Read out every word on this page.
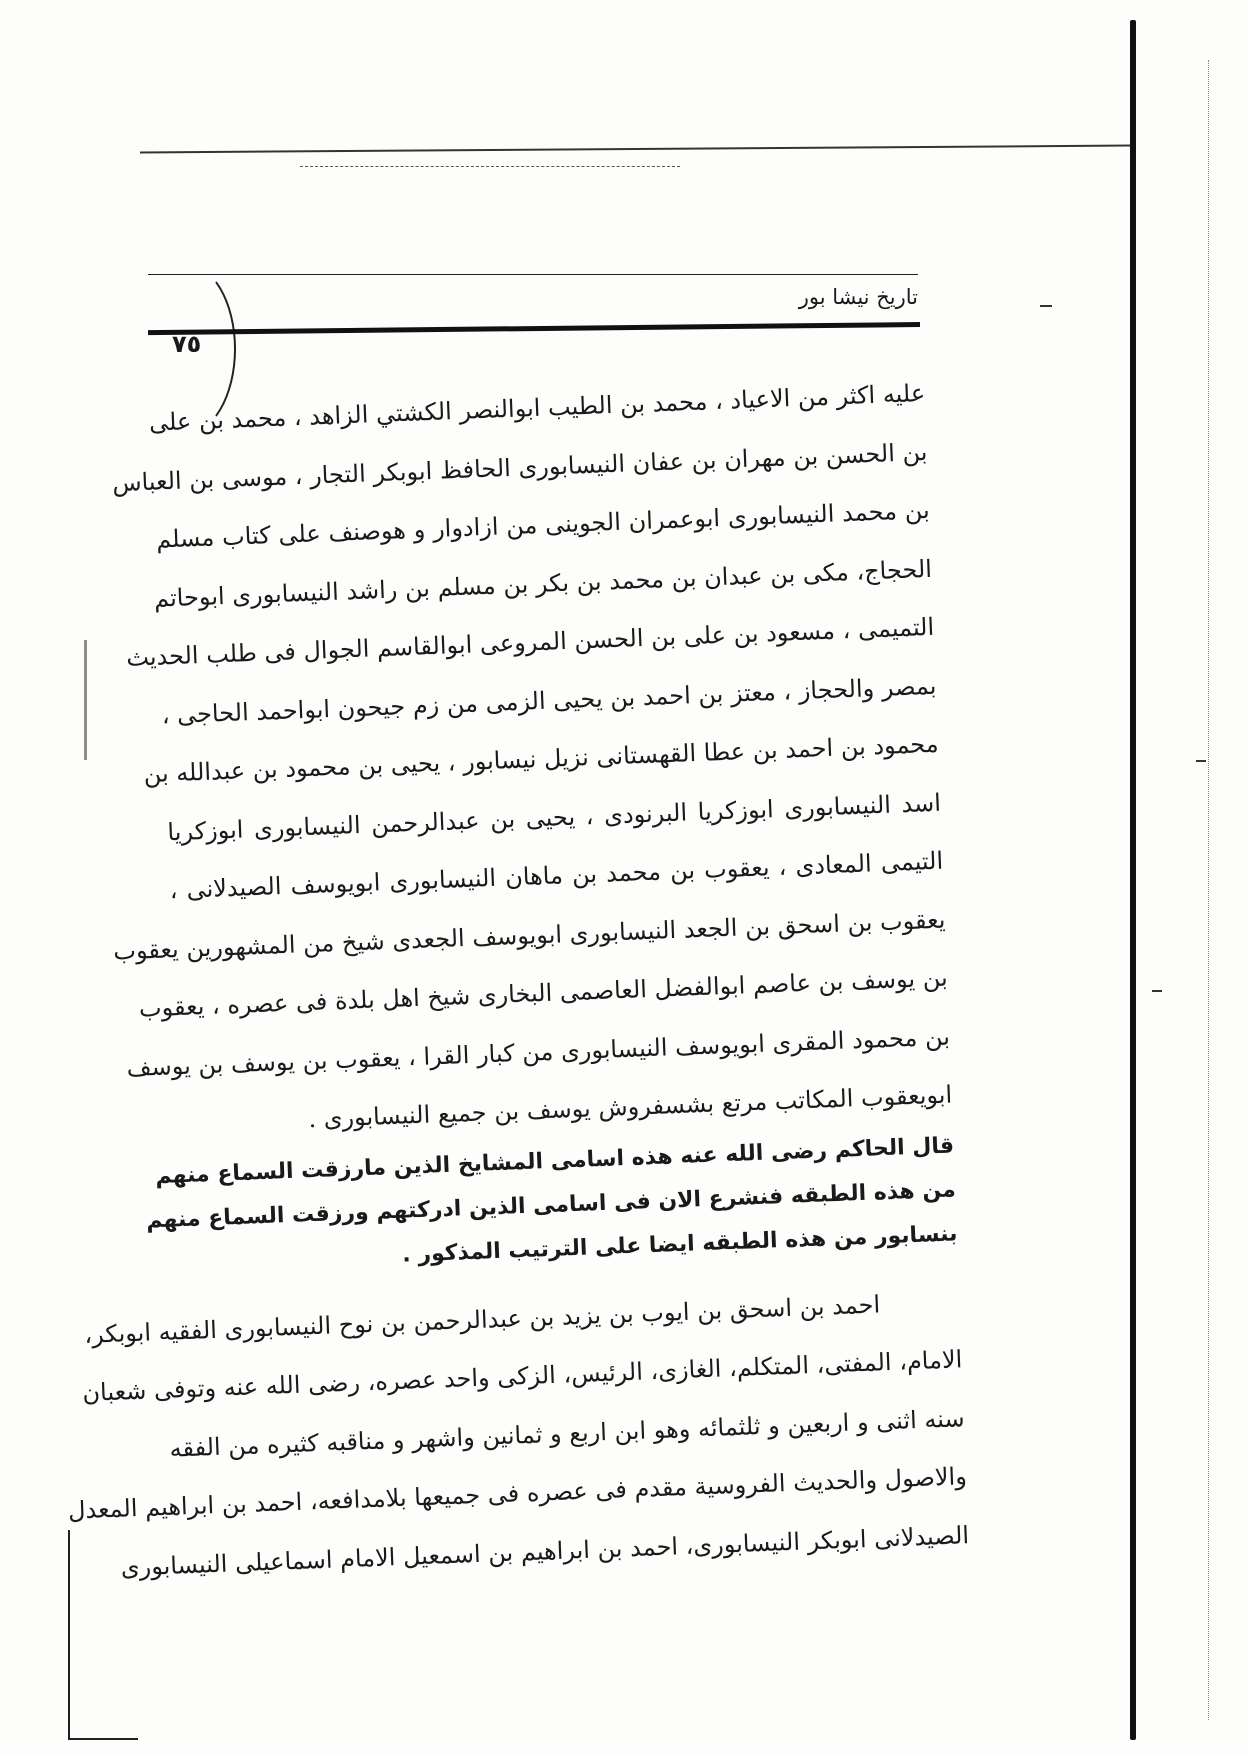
تاريخ نيشا بور
٧٥
عليه اكثر من الاعياد ، محمد بن الطيب ابوالنصر الكشتي الزاهد ، محمد بن على
بن الحسن بن مهران بن عفان النيسابورى الحافظ ابوبكر التجار ، موسى بن العباس
بن محمد النيسابورى ابوعمران الجوينى من ازادوار و هوصنف على كتاب مسلم
الحجاج، مكى بن عبدان بن محمد بن بكر بن مسلم بن راشد النيسابورى ابوحاتم
التميمى ، مسعود بن على بن الحسن المروعى ابوالقاسم الجوال فى طلب الحديث
بمصر والحجاز ، معتز بن احمد بن يحيى الزمى من زم جيحون ابواحمد الحاجى ،
محمود بن احمد بن عطا القهستانى نزيل نيسابور ، يحيى بن محمود بن عبدالله بن
اسد النيسابورى ابوزكريا البرنودى ، يحيى بن عبدالرحمن النيسابورى ابوزكريا
التيمى المعادى ، يعقوب بن محمد بن ماهان النيسابورى ابويوسف الصيدلانى ،
يعقوب بن اسحق بن الجعد النيسابورى ابويوسف الجعدى شيخ من المشهورين يعقوب
بن يوسف بن عاصم ابوالفضل العاصمى البخارى شيخ اهل بلدة فى عصره ، يعقوب
بن محمود المقرى ابويوسف النيسابورى من كبار القرا ، يعقوب بن يوسف بن يوسف
ابويعقوب المكاتب مرتع بشسفروش يوسف بن جميع النيسابورى .
قال الحاكم رضى الله عنه هذه اسامى المشايخ الذين مارزقت السماع منهم
من هذه الطبقه فنشرع الان فى اسامى الذين ادركتهم ورزقت السماع منهم
بنسابور من هذه الطبقه ايضا على الترتيب المذكور .
احمد بن اسحق بن ايوب بن يزيد بن عبدالرحمن بن نوح النيسابورى الفقيه ابوبكر،
الامام، المفتى، المتكلم، الغازى، الرئيس، الزكى واحد عصره، رضى الله عنه وتوفى شعبان
سنه اثنى و اربعين و ثلثمائه وهو ابن اربع و ثمانين واشهر و مناقبه كثيره من الفقه
والاصول والحديث الفروسية مقدم فى عصره فى جميعها بلامدافعه، احمد بن ابراهيم المعدل
الصيدلانى ابوبكر النيسابورى، احمد بن ابراهيم بن اسمعيل الامام اسماعيلى النيسابورى
